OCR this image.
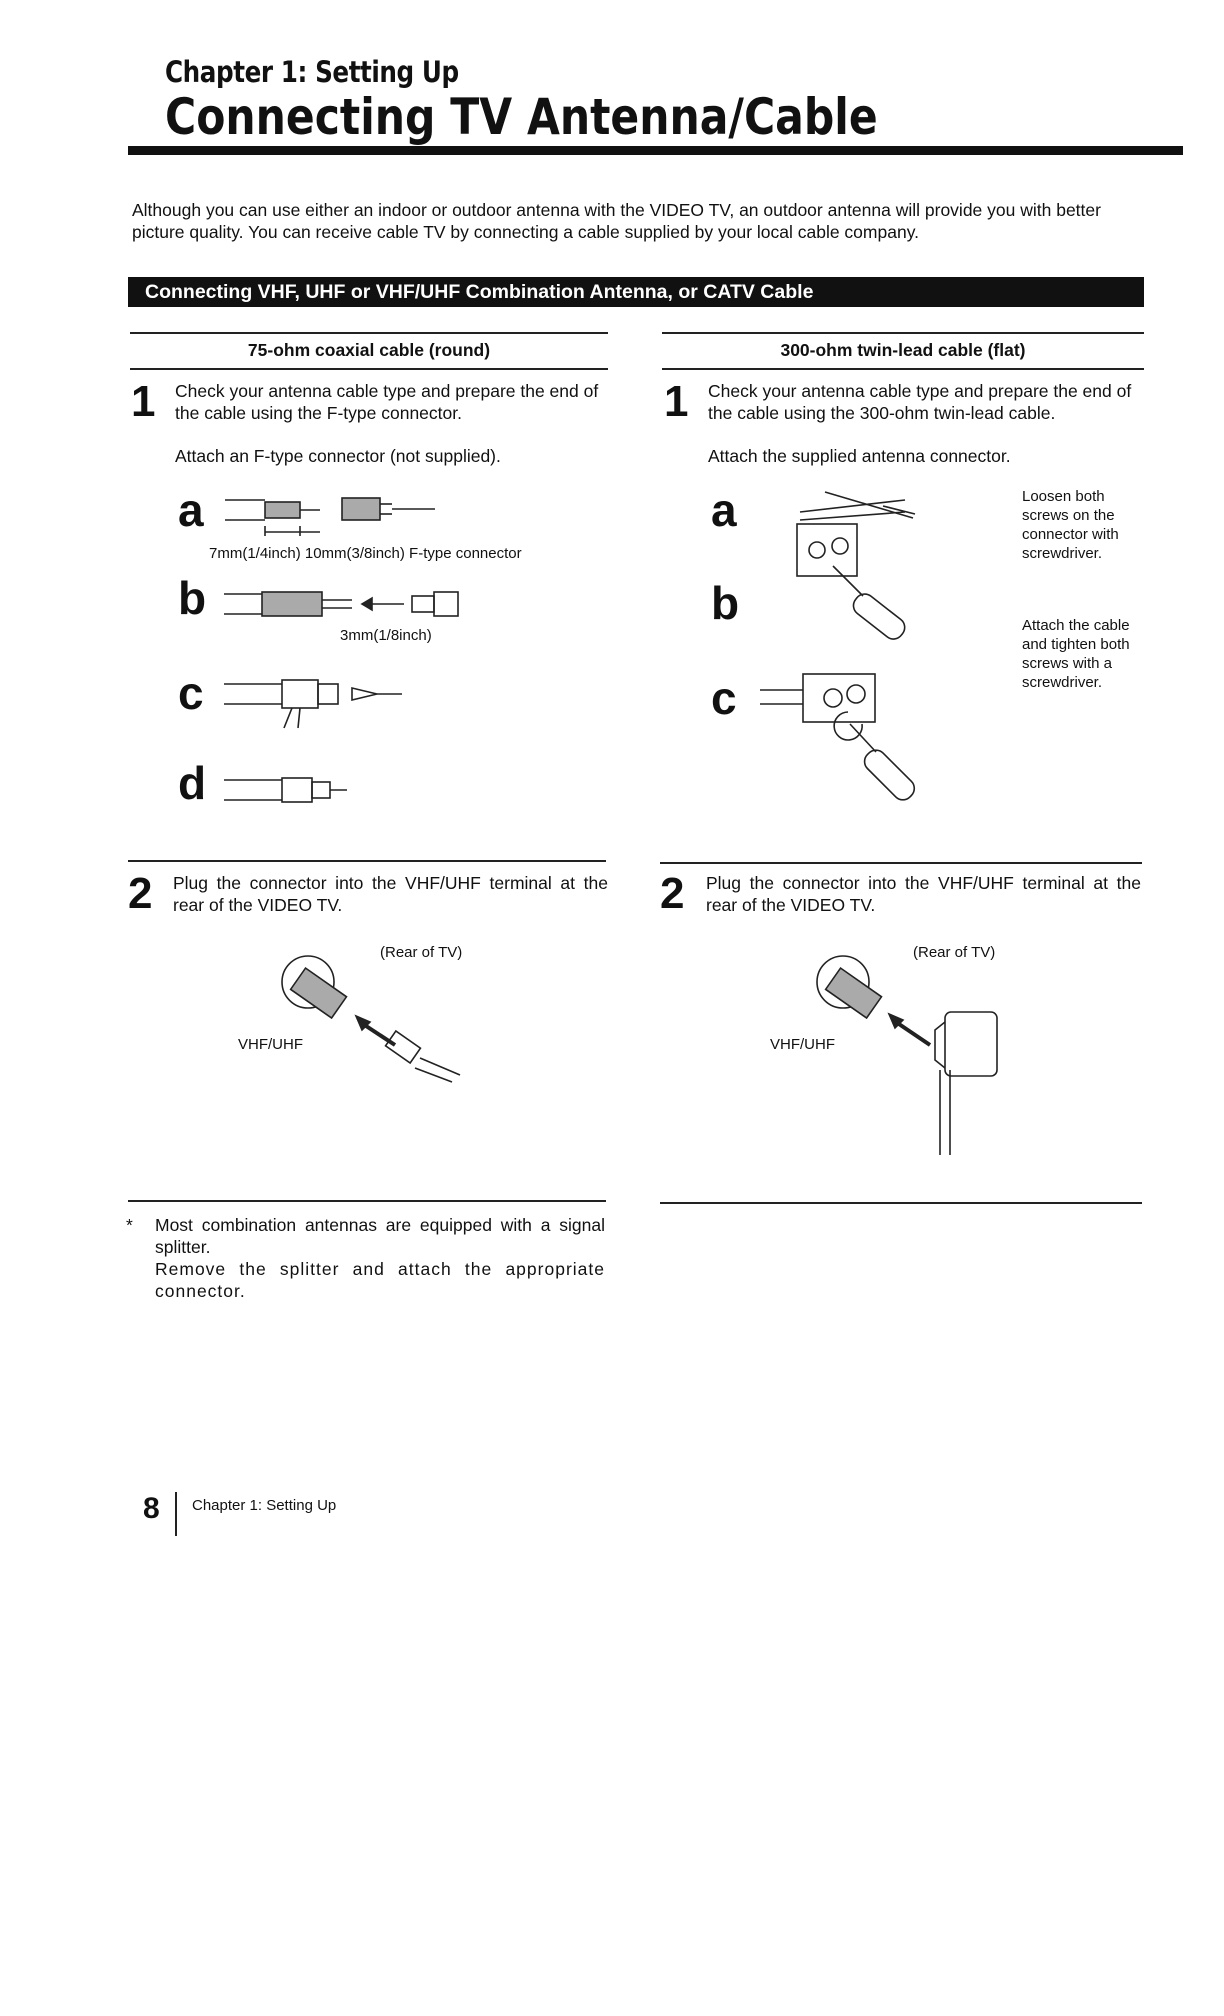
Chapter 1: Setting Up
Connecting TV Antenna/Cable
Although you can use either an indoor or outdoor antenna with the VIDEO TV, an outdoor antenna will provide you with better picture quality. You can receive cable TV by connecting a cable supplied by your local cable company.
Connecting VHF, UHF or VHF/UHF Combination Antenna, or CATV Cable
75-ohm coaxial cable (round)
1 Check your antenna cable type and prepare the end of the cable using the F-type connector.
Attach an F-type connector (not supplied).
a
b
c
d
7mm(1/4inch) 10mm(3/8inch) F-type connector
3mm(1/8inch)
2 Plug the connector into the VHF/UHF terminal at the rear of the VIDEO TV.
(Rear of TV)
VHF/UHF
300-ohm twin-lead cable (flat)
1 Check your antenna cable type and prepare the end of the cable using the 300-ohm twin-lead cable.
Attach the supplied antenna connector.
a
b
c
Loosen both screws on the connector with screwdriver.
Attach the cable and tighten both screws with a screwdriver.
2 Plug the connector into the VHF/UHF terminal at the rear of the VIDEO TV.
(Rear of TV)
VHF/UHF
* Most combination antennas are equipped with a signal splitter.
Remove the splitter and attach the appropriate connector.
8 Chapter 1: Setting Up
